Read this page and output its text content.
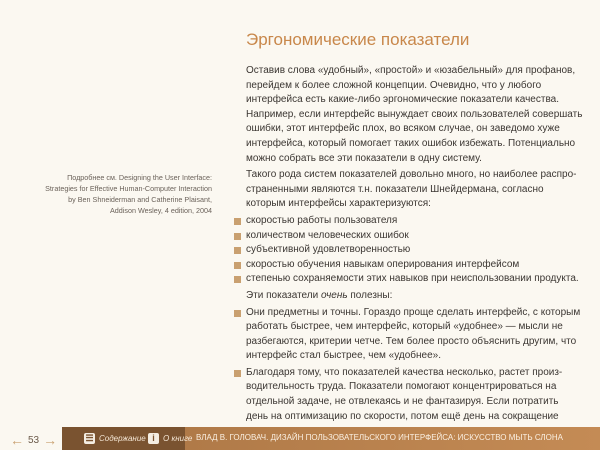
Эргономические показатели
Оставив слова «удобный», «простой» и «юзабельный» для профанов,
перейдем к более сложной концепции. Очевидно, что у любого
интерфейса есть какие-либо эргономические показатели качества.
Например, если интерфейс вынуждает своих пользователей совершать
ошибки, этот интерфейс плох, во всяком случае, он заведомо хуже
интерфейса, который помогает таких ошибок избежать. Потенциально
можно собрать все эти показатели в одну систему.
Такого рода систем показателей довольно много, но наиболее распро-
страненными являются т.н. показатели Шнейдермана, согласно
которым интерфейсы характеризуются:
скоростью работы пользователя
количеством человеческих ошибок
субъективной удовлетворенностью
скоростью обучения навыкам оперирования интерфейсом
степенью сохраняемости этих навыков при неиспользовании продукта.
Эти показатели очень полезны:
Они предметны и точны. Гораздо проще сделать интерфейс, с которым
работать быстрее, чем интерфейс, который «удобнее» — мысли не
разбегаются, критерии четче. Тем более просто объяснить другим, что
интерфейс стал быстрее, чем «удобнее».
Благодаря тому, что показателей качества несколько, растет произ-
водительность труда. Показатели помогают концентрироваться на
отдельной задаче, не отвлекаясь и не фантазируя. Если потратить
день на оптимизацию по скорости, потом ещё день на сокращение
Подробнее см. Designing the User Interface:
Strategies for Effective Human-Computer Interaction
by Ben Shneiderman and Catherine Plaisant,
Addison Wesley, 4 edition, 2004
← 53 →	☰ Содержание i	О книге ВЛАД В. ГОЛОВАЧ. ДИЗАЙН ПОЛЬЗОВАТЕЛЬСКОГО ИНТЕРФЕЙСА: ИСКУССТВО МЫТЬ СЛОНА
